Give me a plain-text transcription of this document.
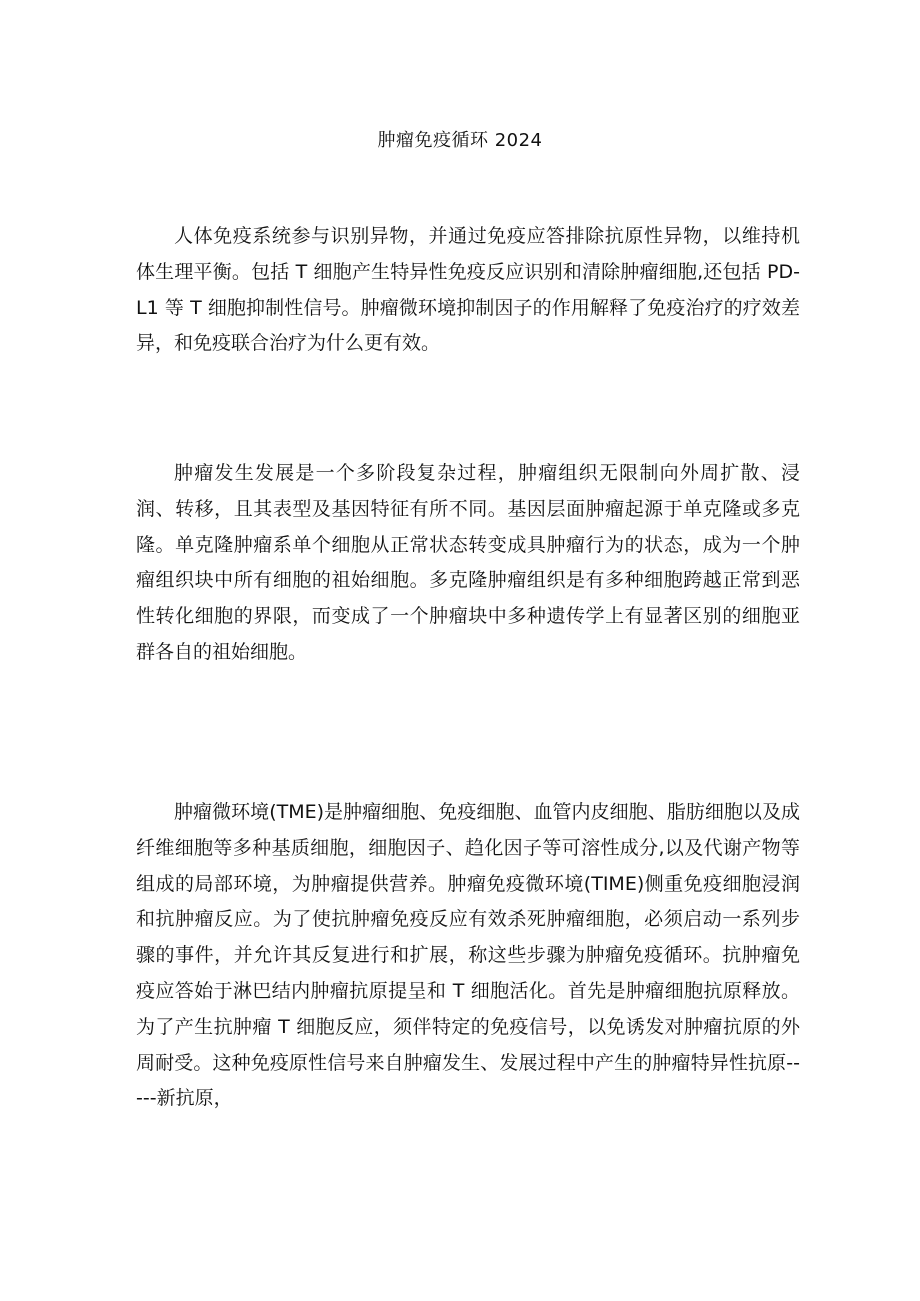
肿瘤免疫循环 2024

人体免疫系统参与识别异物，并通过免疫应答排除抗原性异物，以维持机体生理平衡。包括 T 细胞产生特异性免疫反应识别和清除肿瘤细胞,还包括 PD-L1 等 T 细胞抑制性信号。肿瘤微环境抑制因子的作用解释了免疫治疗的疗效差异，和免疫联合治疗为什么更有效。

肿瘤发生发展是一个多阶段复杂过程，肿瘤组织无限制向外周扩散、浸润、转移，且其表型及基因特征有所不同。基因层面肿瘤起源于单克隆或多克隆。单克隆肿瘤系单个细胞从正常状态转变成具肿瘤行为的状态，成为一个肿瘤组织块中所有细胞的祖始细胞。多克隆肿瘤组织是有多种细胞跨越正常到恶性转化细胞的界限，而变成了一个肿瘤块中多种遗传学上有显著区别的细胞亚群各自的祖始细胞。

肿瘤微环境(TME)是肿瘤细胞、免疫细胞、血管内皮细胞、脂肪细胞以及成纤维细胞等多种基质细胞，细胞因子、趋化因子等可溶性成分,以及代谢产物等组成的局部环境，为肿瘤提供营养。肿瘤免疫微环境(TIME)侧重免疫细胞浸润和抗肿瘤反应。为了使抗肿瘤免疫反应有效杀死肿瘤细胞，必须启动一系列步骤的事件，并允许其反复进行和扩展，称这些步骤为肿瘤免疫循环。抗肿瘤免疫应答始于淋巴结内肿瘤抗原提呈和 T 细胞活化。首先是肿瘤细胞抗原释放。为了产生抗肿瘤 T 细胞反应，须伴特定的免疫信号，以免诱发对肿瘤抗原的外周耐受。这种免疫原性信号来自肿瘤发生、发展过程中产生的肿瘤特异性抗原-----新抗原，
